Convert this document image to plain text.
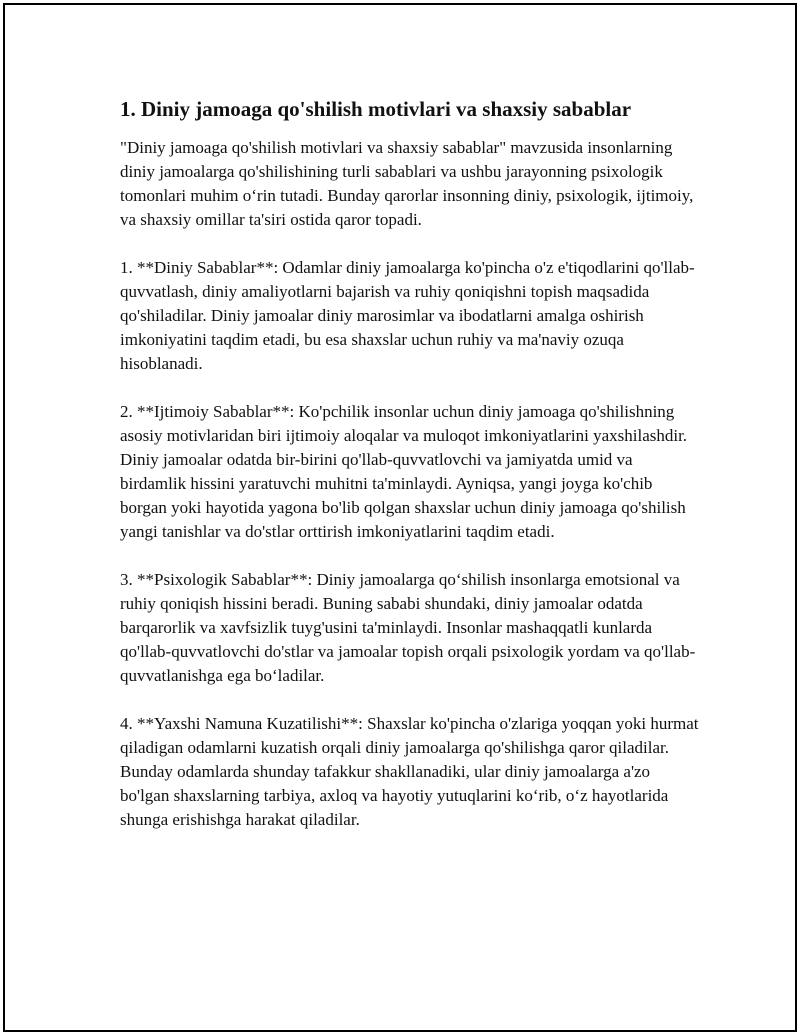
1. Diniy jamoaga qo'shilish motivlari va shaxsiy sabablar

"Diniy jamoaga qo'shilish motivlari va shaxsiy sabablar" mavzusida insonlarning diniy jamoalarga qo'shilishining turli sabablari va ushbu jarayonning psixologik tomonlari muhim o‘rin tutadi. Bunday qarorlar insonning diniy, psixologik, ijtimoiy, va shaxsiy omillar ta'siri ostida qaror topadi.

1. **Diniy Sabablar**: Odamlar diniy jamoalarga ko'pincha o'z e'tiqodlarini qo'llab-quvvatlash, diniy amaliyotlarni bajarish va ruhiy qoniqishni topish maqsadida qo'shiladilar. Diniy jamoalar diniy marosimlar va ibodatlarni amalga oshirish imkoniyatini taqdim etadi, bu esa shaxslar uchun ruhiy va ma'naviy ozuqa hisoblanadi.

2. **Ijtimoiy Sabablar**: Ko'pchilik insonlar uchun diniy jamoaga qo'shilishning asosiy motivlaridan biri ijtimoiy aloqalar va muloqot imkoniyatlarini yaxshilashdir. Diniy jamoalar odatda bir-birini qo'llab-quvvatlovchi va jamiyatda umid va birdamlik hissini yaratuvchi muhitni ta'minlaydi. Ayniqsa, yangi joyga ko'chib borgan yoki hayotida yagona bo'lib qolgan shaxslar uchun diniy jamoaga qo'shilish yangi tanishlar va do'stlar orttirish imkoniyatlarini taqdim etadi.

3. **Psixologik Sabablar**: Diniy jamoalarga qo‘shilish insonlarga emotsional va ruhiy qoniqish hissini beradi. Buning sababi shundaki, diniy jamoalar odatda barqarorlik va xavfsizlik tuyg'usini ta'minlaydi. Insonlar mashaqqatli kunlarda qo'llab-quvvatlovchi do'stlar va jamoalar topish orqali psixologik yordam va qo'llab-quvvatlanishga ega bo‘ladilar.

4. **Yaxshi Namuna Kuzatilishi**: Shaxslar ko'pincha o'zlariga yoqqan yoki hurmat qiladigan odamlarni kuzatish orqali diniy jamoalarga qo'shilishga qaror qiladilar. Bunday odamlarda shunday tafakkur shakllanadiki, ular diniy jamoalarga a'zo bo'lgan shaxslarning tarbiya, axloq va hayotiy yutuqlarini ko‘rib, o‘z hayotlarida shunga erishishga harakat qiladilar.
